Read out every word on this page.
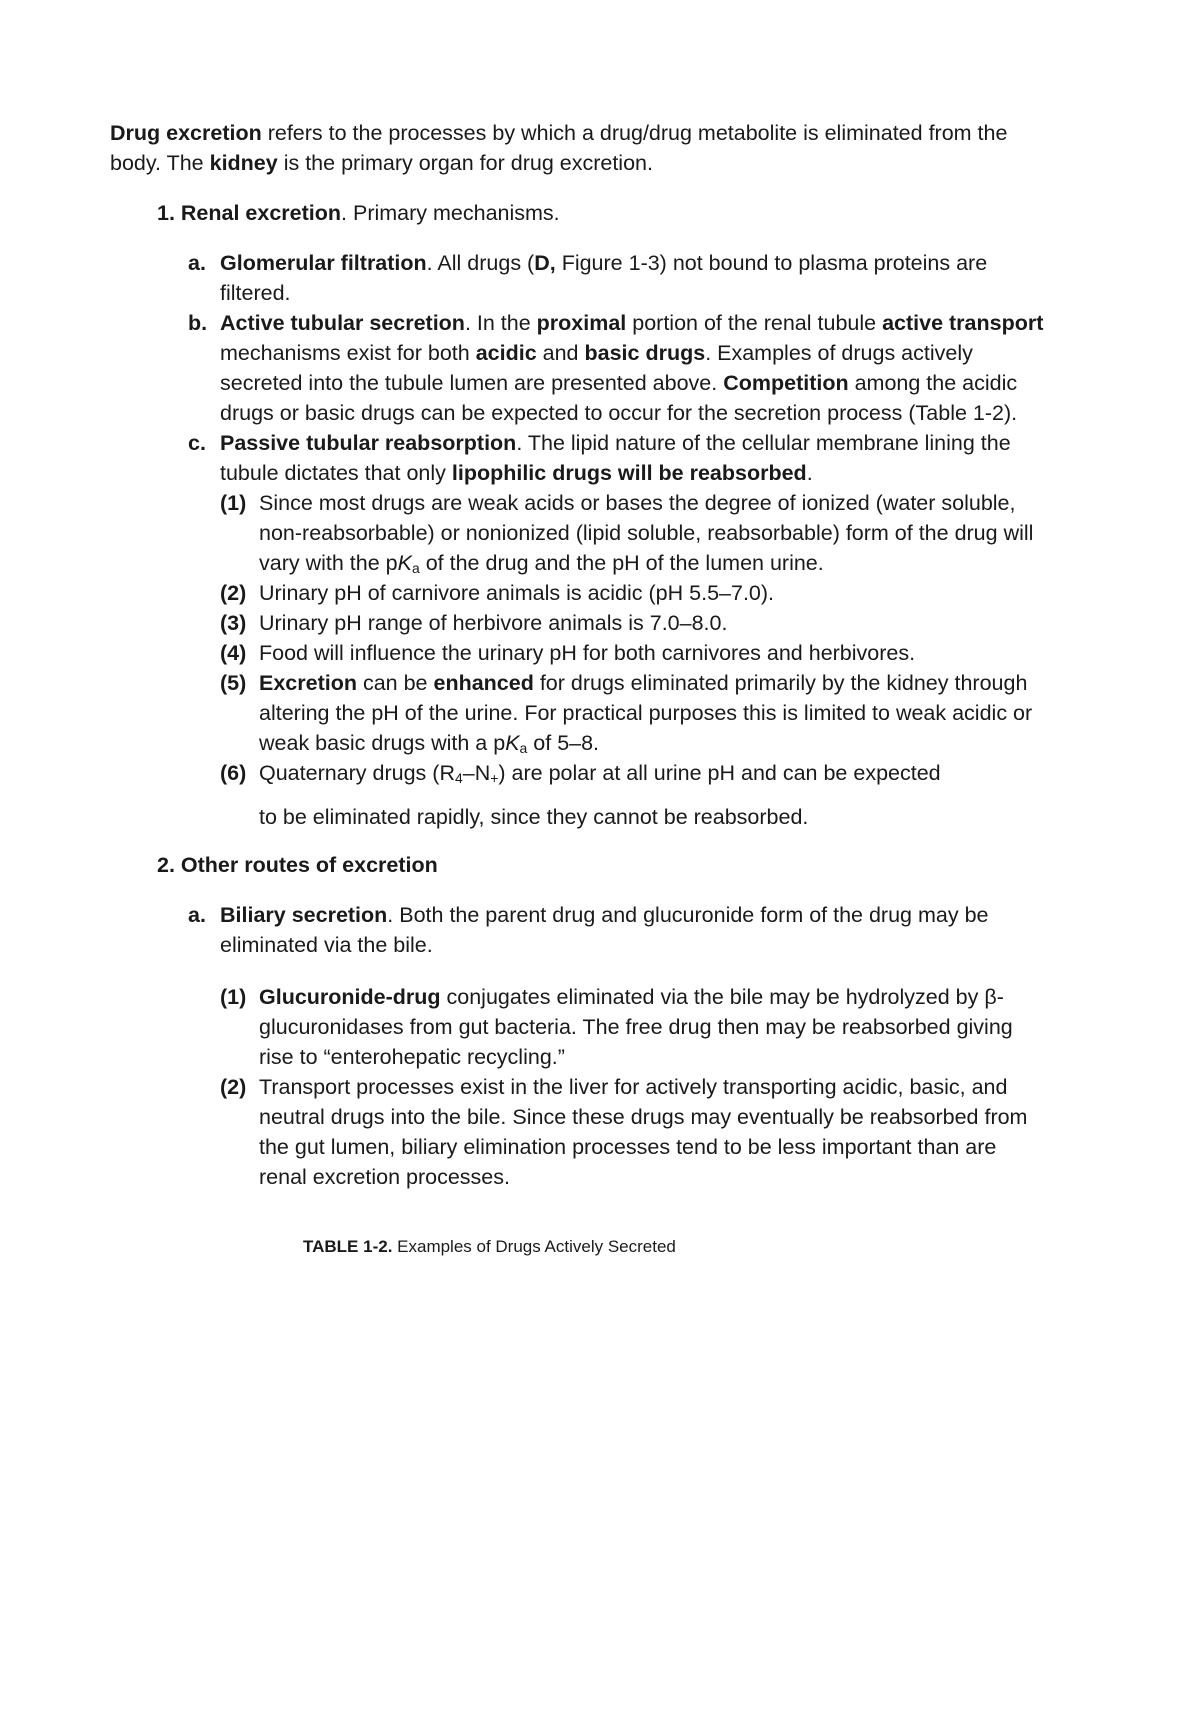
Drug excretion refers to the processes by which a drug/drug metabolite is eliminated from the body. The kidney is the primary organ for drug excretion.

1. Renal excretion. Primary mechanisms.

a. Glomerular filtration. All drugs (D, Figure 1-3) not bound to plasma proteins are filtered.

b. Active tubular secretion. In the proximal portion of the renal tubule active transport mechanisms exist for both acidic and basic drugs. Examples of drugs actively secreted into the tubule lumen are presented above. Competition among the acidic drugs or basic drugs can be expected to occur for the secretion process (Table 1-2).

c. Passive tubular reabsorption. The lipid nature of the cellular membrane lining the tubule dictates that only lipophilic drugs will be reabsorbed.

(1) Since most drugs are weak acids or bases the degree of ionized (water soluble, non-reabsorbable) or nonionized (lipid soluble, reabsorbable) form of the drug will vary with the $pK_a$ of the drug and the pH of the lumen urine.

(2) Urinary pH of carnivore animals is acidic (pH 5.5–7.0).

(3) Urinary pH range of herbivore animals is 7.0–8.0.

(4) Food will influence the urinary pH for both carnivores and herbivores.

(5) Excretion can be enhanced for drugs eliminated primarily by the kidney through altering the pH of the urine. For practical purposes this is limited to weak acidic or weak basic drugs with a $pK_a$ of 5–8.

(6) Quaternary drugs $(R_4-N_+)$ are polar at all urine pH and can be expected

to be eliminated rapidly, since they cannot be reabsorbed.

2. Other routes of excretion

a. Biliary secretion. Both the parent drug and glucuronide form of the drug may be eliminated via the bile.

(1) Glucuronide-drug conjugates eliminated via the bile may be hydrolyzed by β-glucuronidases from gut bacteria. The free drug then may be reabsorbed giving rise to “enterohepatic recycling.”

(2) Transport processes exist in the liver for actively transporting acidic, basic, and neutral drugs into the bile. Since these drugs may eventually be reabsorbed from the gut lumen, biliary elimination processes tend to be less important than are renal excretion processes.

TABLE 1-2. Examples of Drugs Actively Secreted
